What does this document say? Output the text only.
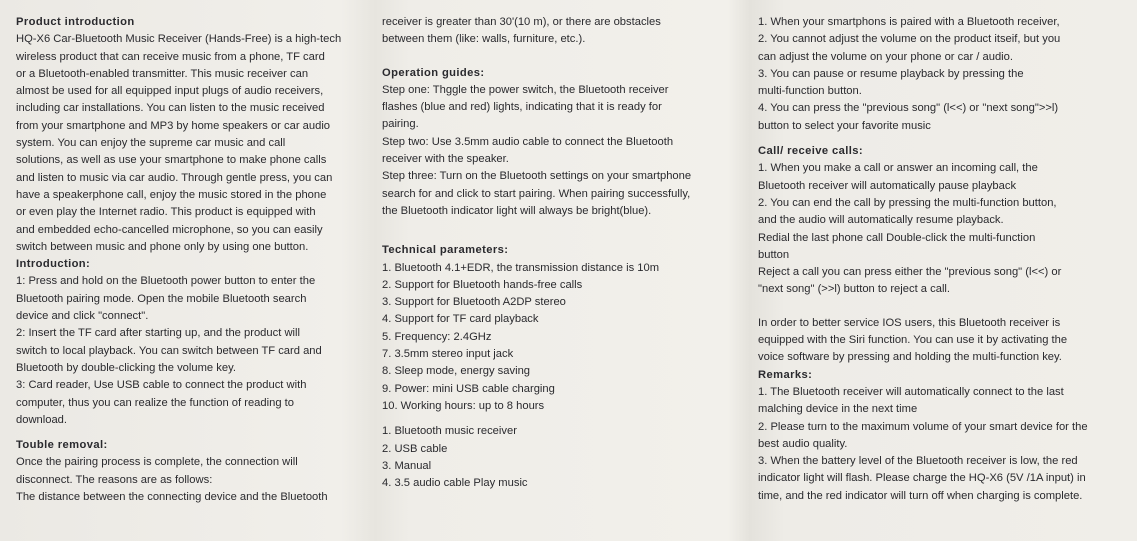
Product introduction
HQ-X6 Car-Bluetooth Music Receiver (Hands-Free) is a high-tech
wireless product that can receive music from a phone, TF card
or a Bluetooth-enabled transmitter. This music receiver can
almost be used for all equipped input plugs of audio receivers,
including car installations. You can listen to the music received
from your smartphone and MP3 by home speakers or car audio
system. You can enjoy the supreme car music and call
solutions, as well as use your smartphone to make phone calls
and listen to music via car audio. Through gentle press, you can
have a speakerphone call, enjoy the music stored in the phone
or even play the Internet radio. This product is equipped with
and embedded echo-cancelled microphone, so you can easily
switch between music and phone only by using one button.
Introduction:
1: Press and hold on the Bluetooth power button to enter the
Bluetooth pairing mode. Open the mobile Bluetooth search
device and click "connect".
2: Insert the TF card after starting up, and the product will
switch to local playback. You can switch between TF card and
Bluetooth by double-clicking the volume key.
3: Card reader, Use USB cable to connect the product with
computer, thus you can realize the function of reading to
download.
Touble removal:
Once the pairing process is complete, the connection will
disconnect. The reasons are as follows:
The distance between the connecting device and the Bluetooth
receiver is greater than 30'(10 m), or there are obstacles
between them (like: walls, furniture, etc.).
Operation guides:
Step one: Thggle the power switch, the Bluetooth receiver
flashes (blue and red) lights, indicating that it is ready for
pairing.
Step two: Use 3.5mm audio cable to connect the Bluetooth
receiver with the speaker.
Step three: Turn on the Bluetooth settings on your smartphone
search for and click to start pairing. When pairing successfully,
the Bluetooth indicator light will always be bright(blue).
Technical parameters:
1. Bluetooth 4.1+EDR, the transmission distance is 10m
2. Support for Bluetooth hands-free calls
3. Support for Bluetooth A2DP stereo
4. Support for TF card playback
5. Frequency: 2.4GHz
7. 3.5mm stereo input jack
8. Sleep mode, energy saving
9. Power: mini USB cable charging
10. Working hours: up to 8 hours
1. Bluetooth music receiver
2. USB cable
3. Manual
4. 3.5 audio cable Play music
1. When your smartphons is paired with a Bluetooth receiver,
2. You cannot adjust the volume on the product itseif, but you
can adjust the volume on your phone or car / audio.
3. You can pause or resume playback by pressing the
multi-function button.
4. You can press the "previous song" (l<<) or "next song">>l)
button to select your favorite music
Call/ receive calls:
1. When you make a call or answer an incoming call, the
Bluetooth receiver will automatically pause playback
2. You can end the call by pressing the multi-function button,
and the audio will automatically resume playback.
Redial the last phone call Double-click the multi-function
button
Reject a call you can press either the "previous song" (l<<) or
"next song" (>>l) button to reject a call.
In order to better service IOS users, this Bluetooth receiver is
equipped with the Siri function. You can use it by activating the
voice software by pressing and holding the multi-function key.
Remarks:
1. The Bluetooth receiver will automatically connect to the last
malching device in the next time
2. Please turn to the maximum volume of your smart device for the
best audio quality.
3. When the battery level of the Bluetooth receiver is low, the red
indicator light will flash. Please charge the HQ-X6 (5V /1A input) in
time, and the red indicator will turn off when charging is complete.
